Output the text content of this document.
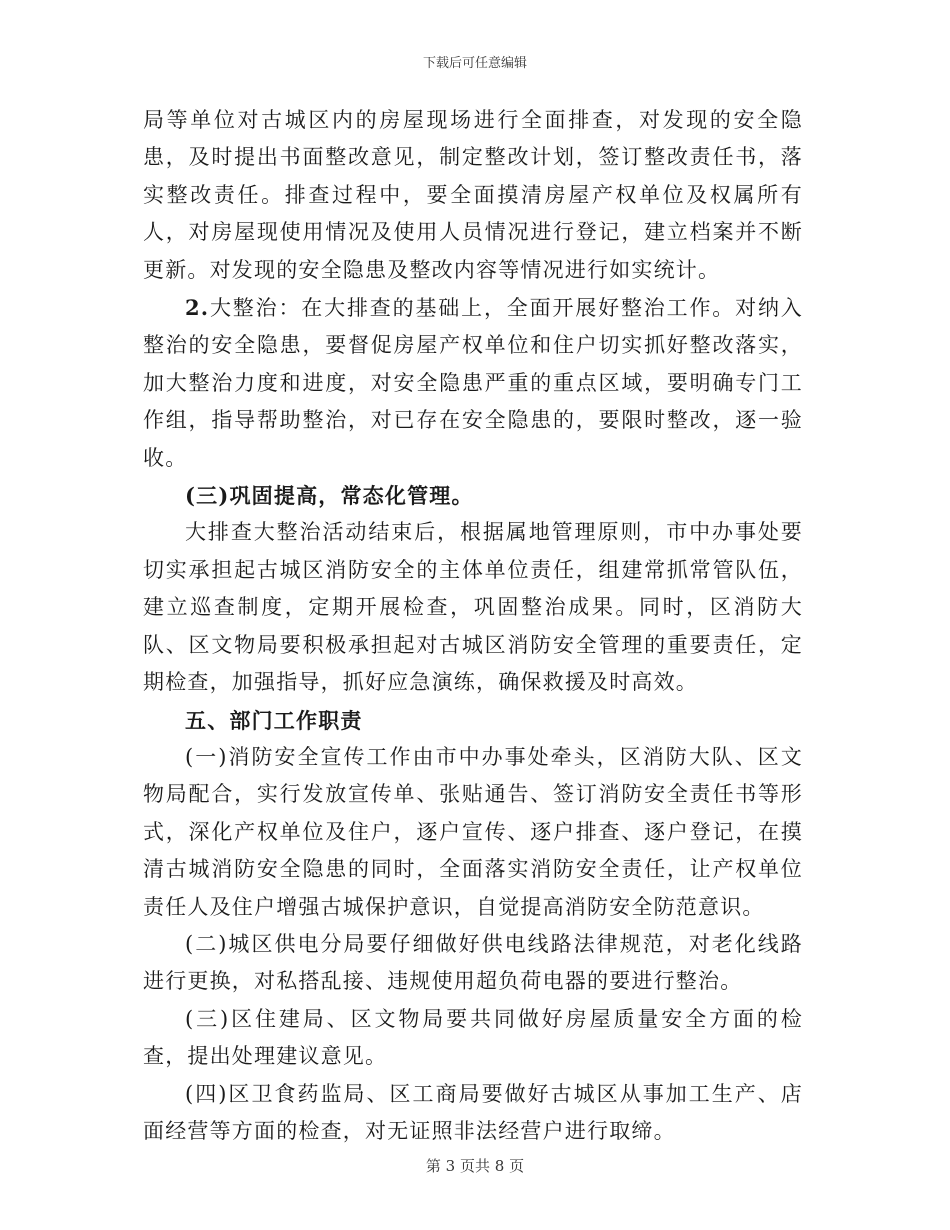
下载后可任意编辑

局等单位对古城区内的房屋现场进行全面排查，对发现的安全隐患，及时提出书面整改意见，制定整改计划，签订整改责任书，落实整改责任。排查过程中，要全面摸清房屋产权单位及权属所有人，对房屋现使用情况及使用人员情况进行登记，建立档案并不断更新。对发现的安全隐患及整改内容等情况进行如实统计。

2.大整治：在大排查的基础上，全面开展好整治工作。对纳入整治的安全隐患，要督促房屋产权单位和住户切实抓好整改落实，加大整治力度和进度，对安全隐患严重的重点区域，要明确专门工作组，指导帮助整治，对已存在安全隐患的，要限时整改，逐一验收。

(三)巩固提高，常态化管理。

大排查大整治活动结束后，根据属地管理原则，市中办事处要切实承担起古城区消防安全的主体单位责任，组建常抓常管队伍，建立巡查制度，定期开展检查，巩固整治成果。同时，区消防大队、区文物局要积极承担起对古城区消防安全管理的重要责任，定期检查，加强指导，抓好应急演练，确保救援及时高效。

五、部门工作职责

(一)消防安全宣传工作由市中办事处牵头，区消防大队、区文物局配合，实行发放宣传单、张贴通告、签订消防安全责任书等形式，深化产权单位及住户，逐户宣传、逐户排查、逐户登记，在摸清古城消防安全隐患的同时，全面落实消防安全责任，让产权单位责任人及住户增强古城保护意识，自觉提高消防安全防范意识。

(二)城区供电分局要仔细做好供电线路法律规范，对老化线路进行更换，对私搭乱接、违规使用超负荷电器的要进行整治。

(三)区住建局、区文物局要共同做好房屋质量安全方面的检查，提出处理建议意见。

(四)区卫食药监局、区工商局要做好古城区从事加工生产、店面经营等方面的检查，对无证照非法经营户进行取缔。

第 3 页共 8 页
